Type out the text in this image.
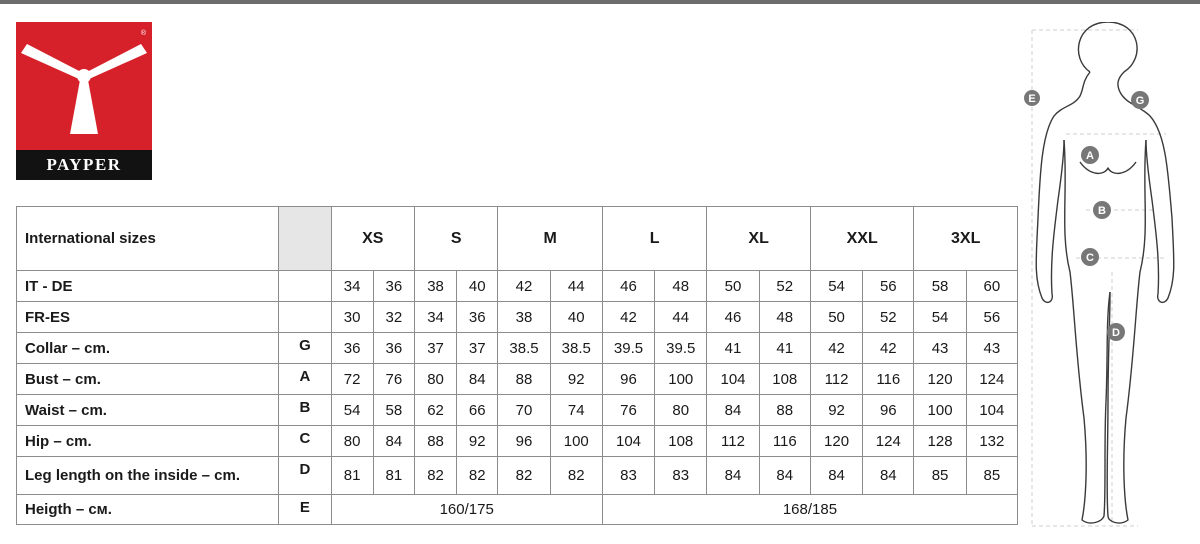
®
PAYPER
International sizes		XS		S		M		L		XL		XXL		3XL	
IT - DE		34	36	38	40	42	44	46	48	50	52	54	56	58	60
FR-ES		30	32	34	36	38	40	42	44	46	48	50	52	54	56
Collar – cm.	G	36	36	37	37	38.5	38.5	39.5	39.5	41	41	42	42	43	43
Bust – cm.	A	72	76	80	84	88	92	96	100	104	108	112	116	120	124
Waist – cm.	B	54	58	62	66	70	74	76	80	84	88	92	96	100	104
Hip – cm.	C	80	84	88	92	96	100	104	108	112	116	120	124	128	132
Leg length on the inside – cm.	D	81	81	82	82	82	82	83	83	84	84	84	84	85	85
Heigth – см.	E	160/175						168/185							
E	G
A
B
C
D
